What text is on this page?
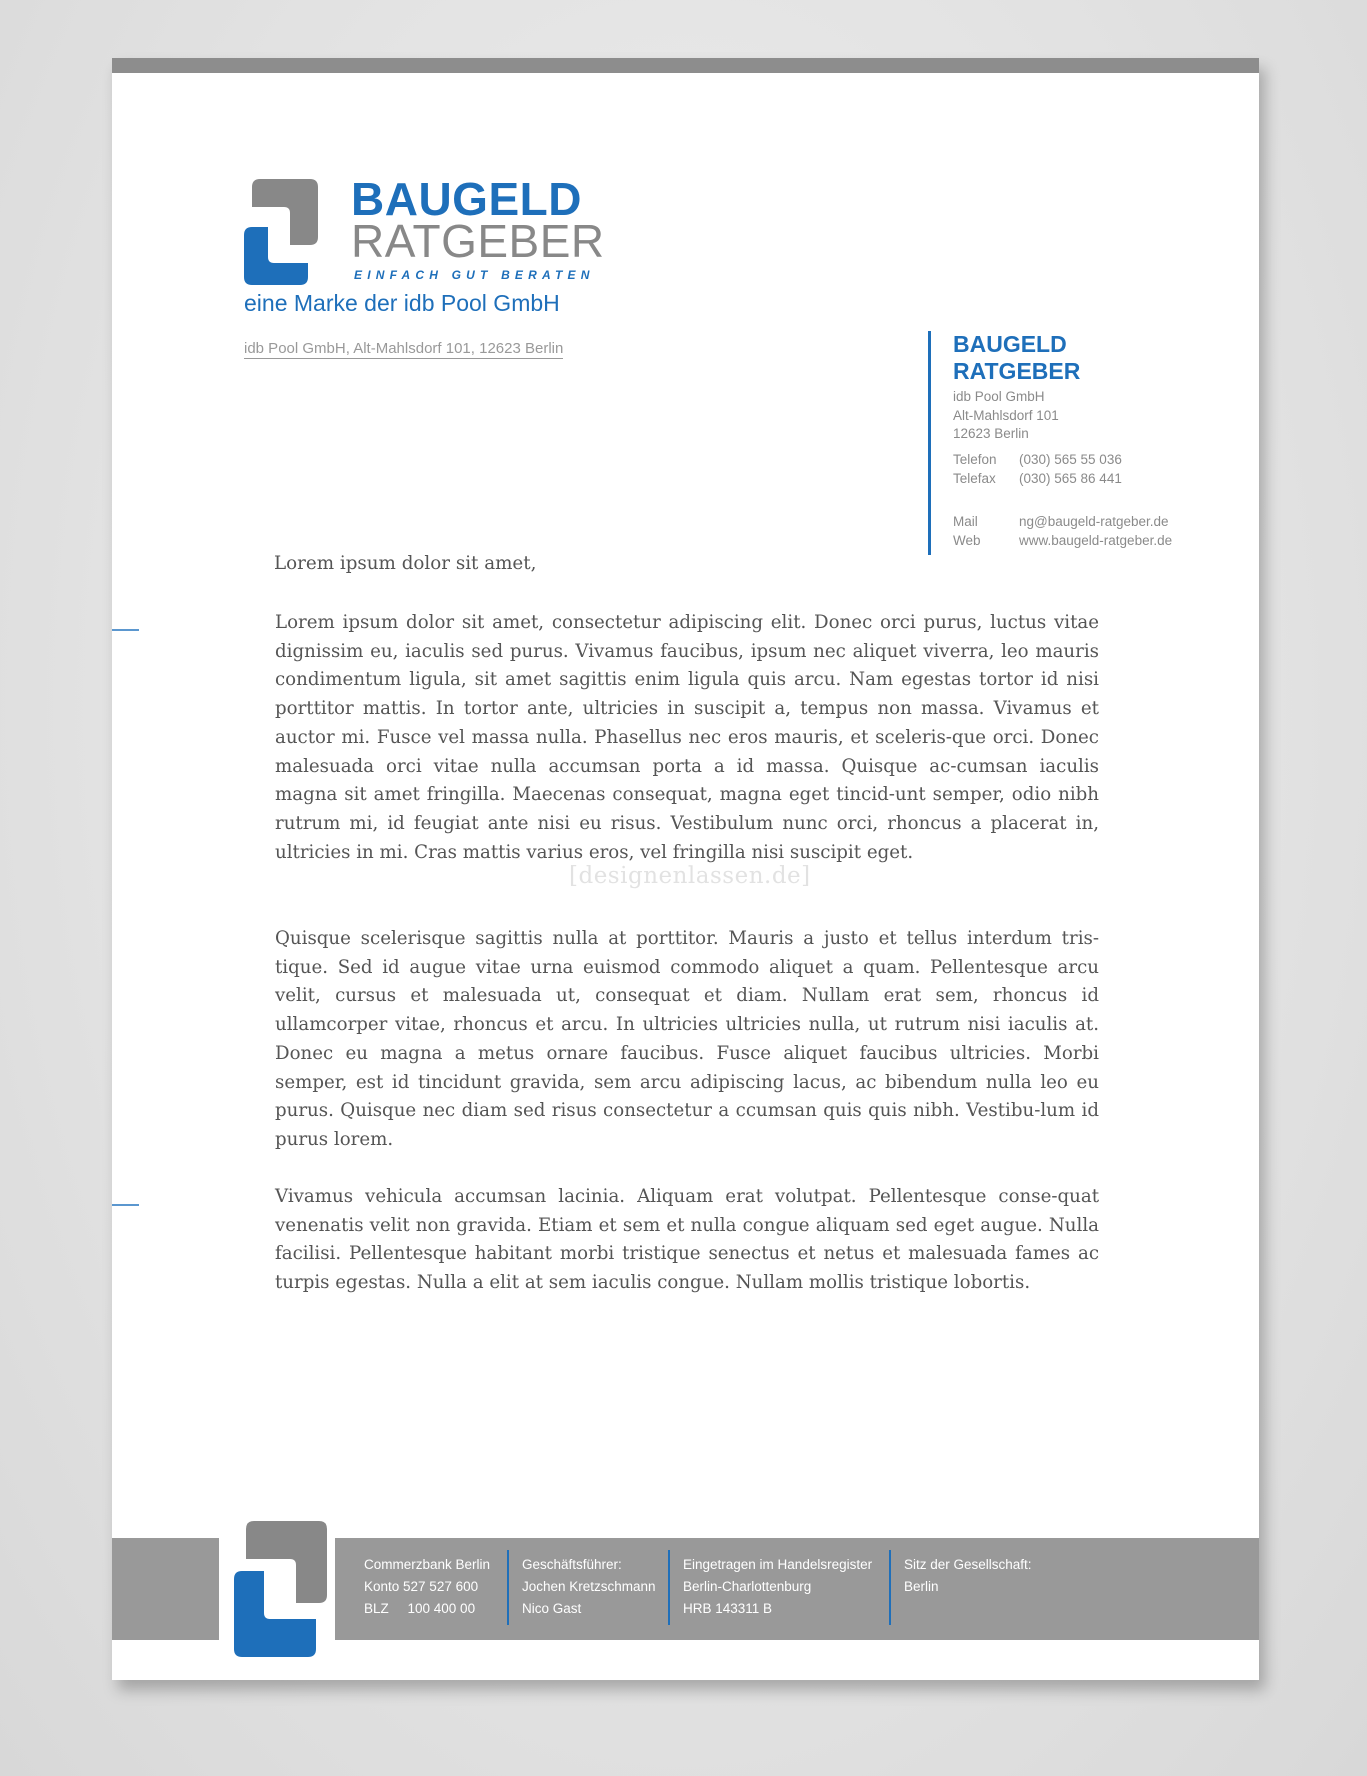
BAUGELD
RATGEBER
EINFACH GUT BERATEN
eine Marke der idb Pool GmbH
idb Pool GmbH, Alt-Mahlsdorf 101, 12623 Berlin	BAUGELD
RATGEBER
idb Pool GmbH
Alt-Mahlsdorf 101
12623 Berlin
Telefon (030) 565 55 036
Telefax (030) 565 86 441
Mail	ng@baugeld-ratgeber.de
Web	www.baugeld-ratgeber.de
Lorem ipsum dolor sit amet,
Lorem ipsum dolor sit amet, consectetur adipiscing elit. Donec orci purus, luctus vitae dignissim eu, iaculis sed purus. Vivamus faucibus, ipsum nec aliquet viverra, leo mauris condimentum ligula, sit amet sagittis enim ligula quis arcu. Nam egestas tortor id nisi porttitor mattis. In tortor ante, ultricies in suscipit a, tempus non massa. Vivamus et auctor mi. Fusce vel massa nulla. Phasellus nec eros mauris, et sceleris-que orci. Donec malesuada orci vitae nulla accumsan porta a id massa. Quisque ac-cumsan iaculis magna sit amet fringilla. Maecenas consequat, magna eget tincid-unt semper, odio nibh rutrum mi, id feugiat ante nisi eu risus. Vestibulum nunc orci, rhoncus a placerat in, ultricies in mi. Cras mattis varius eros, vel fringilla nisi suscipit eget.
Quisque scelerisque sagittis nulla at porttitor. Mauris a justo et tellus interdum tris-tique. Sed id augue vitae urna euismod commodo aliquet a quam. Pellentesque arcu velit, cursus et malesuada ut, consequat et diam. Nullam erat sem, rhoncus id ullamcorper vitae, rhoncus et arcu. In ultricies ultricies nulla, ut rutrum nisi iaculis at. Donec eu magna a metus ornare faucibus. Fusce aliquet faucibus ultricies. Morbi semper, est id tincidunt gravida, sem arcu adipiscing lacus, ac bibendum nulla leo eu purus. Quisque nec diam sed risus consectetur a ccumsan quis quis nibh. Vestibu-lum id purus lorem.
Vivamus vehicula accumsan lacinia. Aliquam erat volutpat. Pellentesque conse-quat venenatis velit non gravida. Etiam et sem et nulla congue aliquam sed eget augue. Nulla facilisi. Pellentesque habitant morbi tristique senectus et netus et malesuada fames ac turpis egestas. Nulla a elit at sem iaculis congue. Nullam mollis tristique lobortis.
[designenlassen.de]
Commerzbank Berlin
Konto 527 527 600
BLZ     100 400 00
Geschäftsführer:
Jochen Kretzschmann
Nico Gast
Eingetragen im Handelsregister
Berlin-Charlottenburg
HRB 143311 B
Sitz der Gesellschaft:
Berlin
